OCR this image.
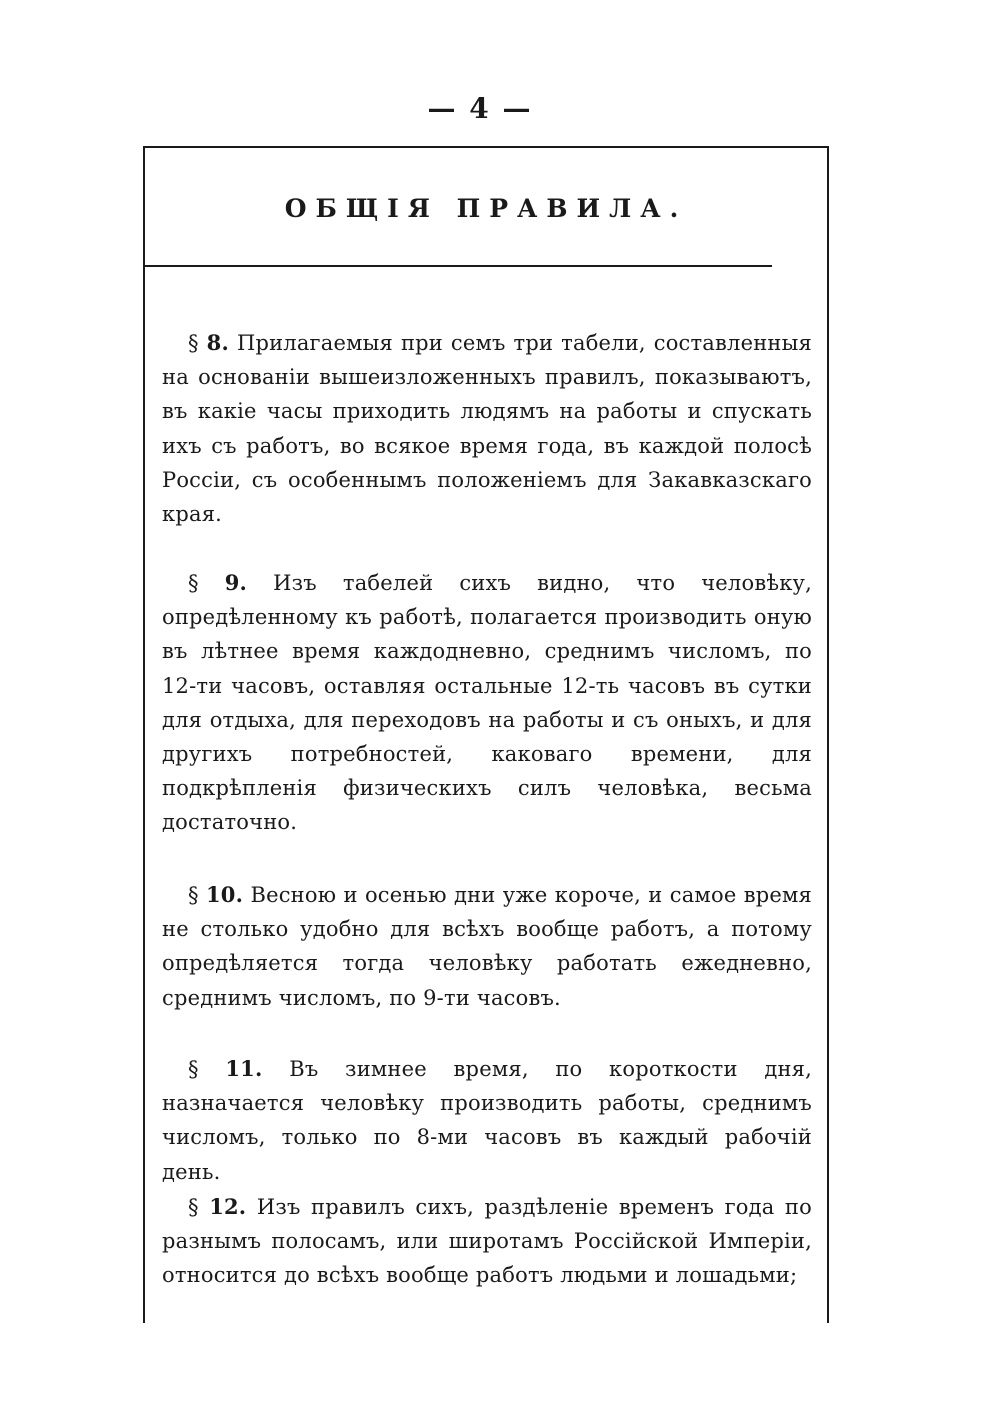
— 4 —
ОБЩІЯ ПРАВИЛА.

§ 8. Прилагаемыя при семъ три табели, составленныя на основаніи вышеизложенныхъ правилъ, показываютъ, въ какіе часы приходить людямъ на работы и спускать ихъ съ работъ, во всякое время года, въ каждой полосѣ Россіи, съ особеннымъ положеніемъ для Закавказскаго края.

§ 9. Изъ табелей сихъ видно, что человѣку, опредѣленному къ работѣ, полагается производить оную въ лѣтнее время каждодневно, среднимъ числомъ, по 12-ти часовъ, оставляя остальные 12-ть часовъ въ сутки для отдыха, для переходовъ на работы и съ оныхъ, и для другихъ потребностей, каковаго времени, для подкрѣпленія физическихъ силъ человѣка, весьма достаточно.

§ 10. Весною и осенью дни уже короче, и самое время не столько удобно для всѣхъ вообще работъ, а потому опредѣляется тогда человѣку работать ежедневно, среднимъ числомъ, по 9-ти часовъ.

§ 11. Въ зимнее время, по короткости дня, назначается человѣку производить работы, среднимъ числомъ, только по 8-ми часовъ въ каждый рабочій день.

§ 12. Изъ правилъ сихъ, раздѣленіе временъ года по разнымъ полосамъ, или широтамъ Россійской Имперіи, относится до всѣхъ вообще работъ людьми и лошадьми;
